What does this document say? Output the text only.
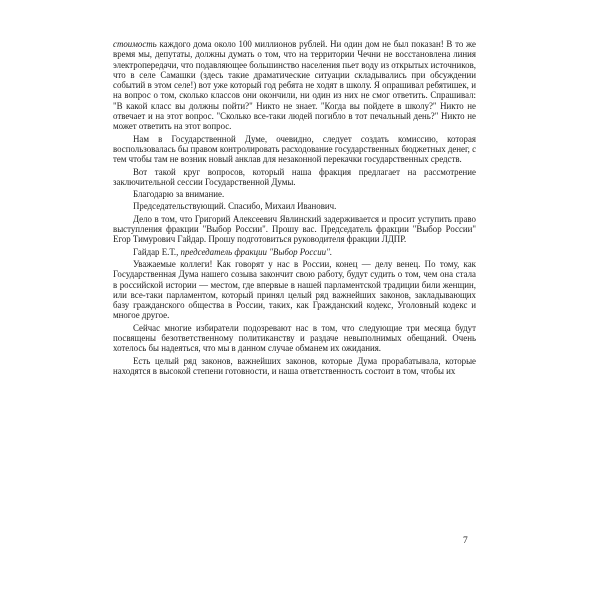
стоимость каждого дома около 100 миллионов рублей. Ни один дом не был показан! В то же время мы, депутаты, должны думать о том, что на территории Чечни не восстановлена линия электропередачи, что подавляющее большинство населения пьет воду из открытых источников, что в селе Самашки (здесь такие драматические ситуации складывались при обсуждении событий в этом селе!) вот уже который год ребята не ходят в школу. Я опрашивал ребятишек, и на вопрос о том, сколько классов они окончили, ни один из них не смог ответить. Спрашивал: "В какой класс вы должны пойти?" Никто не знает. "Когда вы пойдете в школу?" Никто не отвечает и на этот вопрос. "Сколько все-таки людей погибло в тот печальный день?" Никто не может ответить на этот вопрос.

Нам в Государственной Думе, очевидно, следует создать комиссию, которая воспользовалась бы правом контролировать расходование государственных бюджетных денег, с тем чтобы там не возник новый анклав для незаконной перекачки государственных средств.

Вот такой круг вопросов, который наша фракция предлагает на рассмотрение заключительной сессии Государственной Думы.

Благодарю за внимание.

Председательствующий. Спасибо, Михаил Иванович.

Дело в том, что Григорий Алексеевич Явлинский задерживается и просит уступить право выступления фракции "Выбор России". Прошу вас. Председатель фракции "Выбор России" Егор Тимурович Гайдар. Прошу подготовиться руководителя фракции ЛДПР.

Гайдар Е.Т., председатель фракции "Выбор России".

Уважаемые коллеги! Как говорят у нас в России, конец — делу венец. По тому, как Государственная Дума нашего созыва закончит свою работу, будут судить о том, чем она стала в российской истории — местом, где впервые в нашей парламентской традиции били женщин, или все-таки парламентом, который принял целый ряд важнейших законов, закладывающих базу гражданского общества в России, таких, как Гражданский кодекс, Уголовный кодекс и многое другое.

Сейчас многие избиратели подозревают нас в том, что следующие три месяца будут посвящены безответственному политиканству и раздаче невыполнимых обещаний. Очень хотелось бы надеяться, что мы в данном случае обманем их ожидания.

Есть целый ряд законов, важнейших законов, которые Дума прорабатывала, которые находятся в высокой степени готовности, и наша ответственность состоит в том, чтобы их

7
